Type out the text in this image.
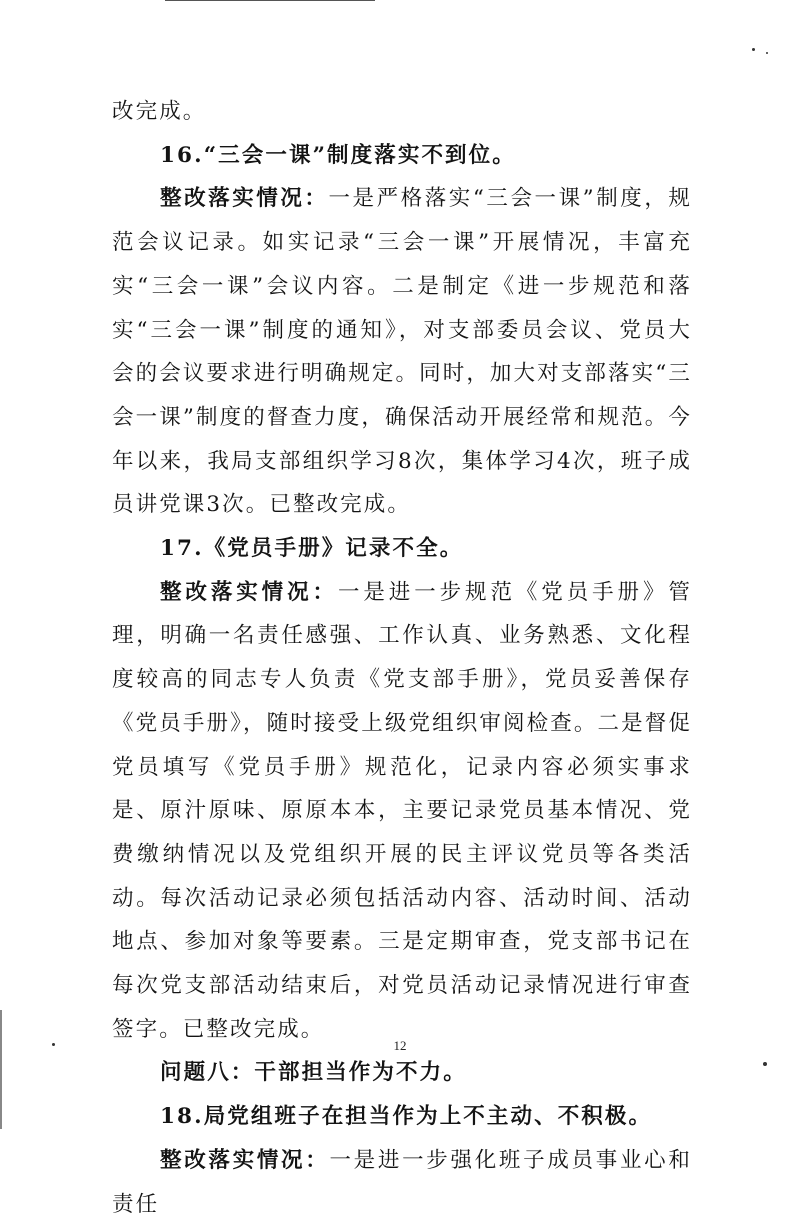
改完成。

16.“三会一课”制度落实不到位。

整改落实情况：一是严格落实“三会一课”制度，规范会议记录。如实记录“三会一课”开展情况，丰富充实“三会一课”会议内容。二是制定《进一步规范和落实“三会一课”制度的通知》，对支部委员会议、党员大会的会议要求进行明确规定。同时，加大对支部落实“三会一课”制度的督查力度，确保活动开展经常和规范。今年以来，我局支部组织学习8次，集体学习4次，班子成员讲党课3次。已整改完成。

17.《党员手册》记录不全。

整改落实情况：一是进一步规范《党员手册》管理，明确一名责任感强、工作认真、业务熟悉、文化程度较高的同志专人负责《党支部手册》，党员妥善保存《党员手册》，随时接受上级党组织审阅检查。二是督促党员填写《党员手册》规范化，记录内容必须实事求是、原汁原味、原原本本，主要记录党员基本情况、党费缴纳情况以及党组织开展的民主评议党员等各类活动。每次活动记录必须包括活动内容、活动时间、活动地点、参加对象等要素。三是定期审查，党支部书记在每次党支部活动结束后，对党员活动记录情况进行审查签字。已整改完成。

问题八：干部担当作为不力。

18.局党组班子在担当作为上不主动、不积极。

整改落实情况：一是进一步强化班子成员事业心和责任

12
